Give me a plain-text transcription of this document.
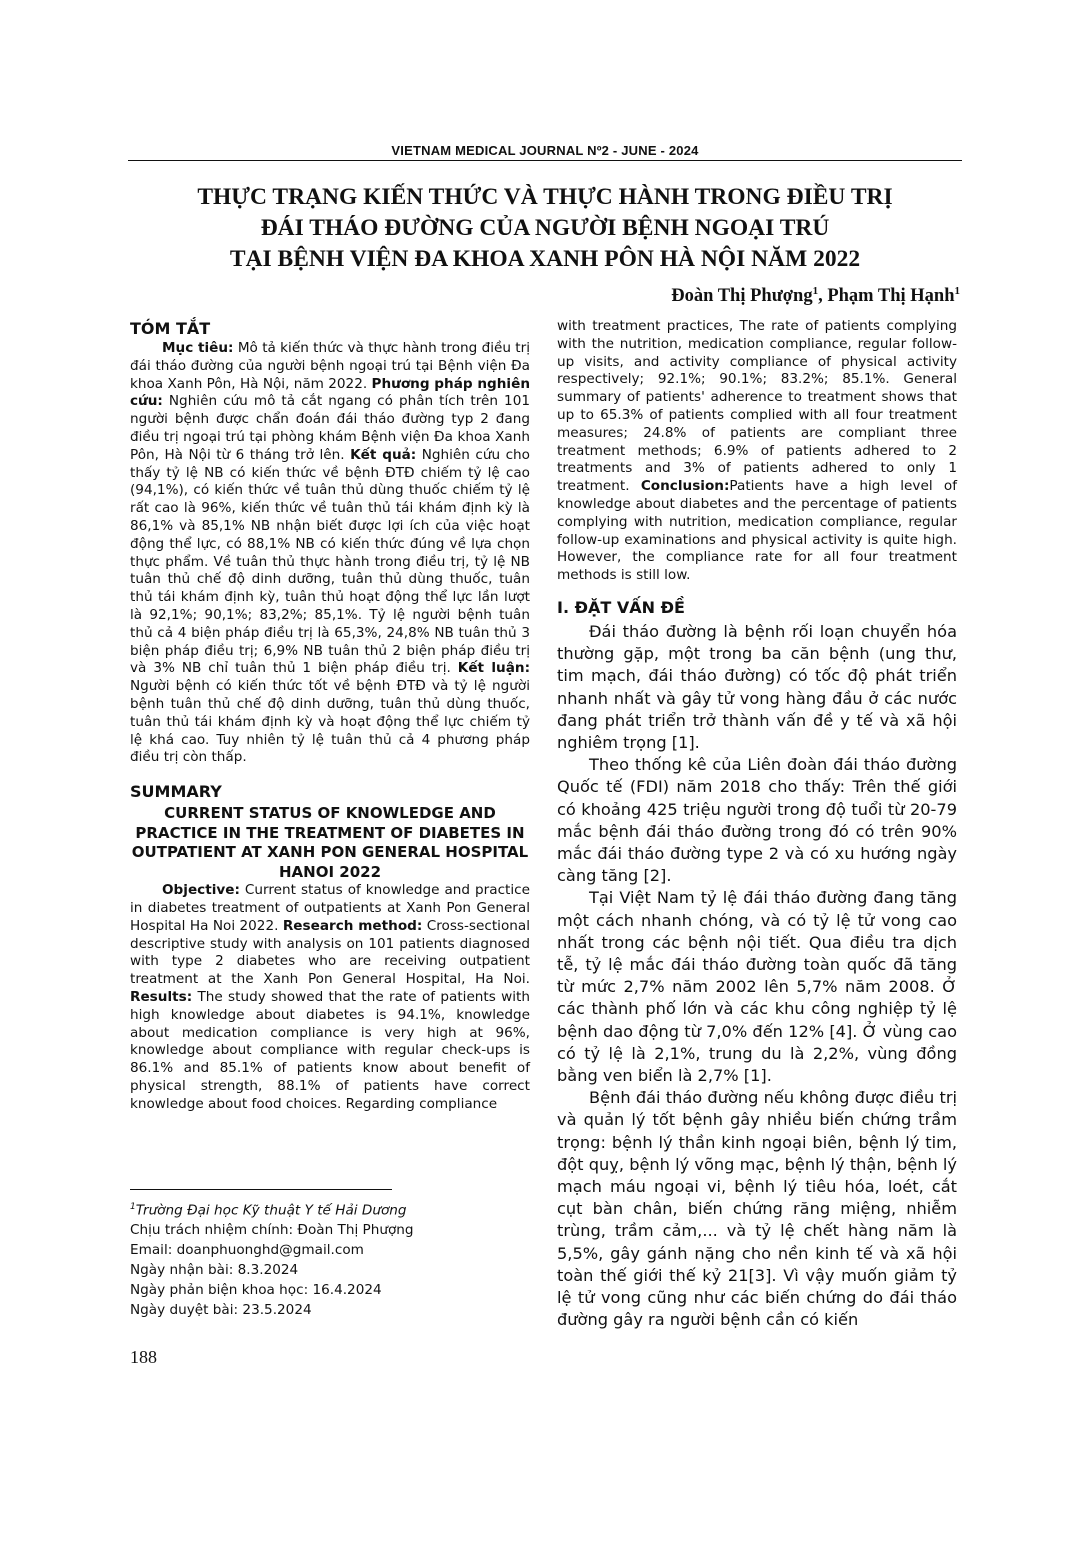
VIETNAM MEDICAL JOURNAL Nº2 - JUNE - 2024
THỰC TRẠNG KIẾN THỨC VÀ THỰC HÀNH TRONG ĐIỀU TRỊ
ĐÁI THÁO ĐƯỜNG CỦA NGƯỜI BỆNH NGOẠI TRÚ
TẠI BỆNH VIỆN ĐA KHOA XANH PÔN HÀ NỘI NĂM 2022
Đoàn Thị Phượng$^1$, Phạm Thị Hạnh$^1$
TÓM TẮT

Mục tiêu: Mô tả kiến thức và thực hành trong điều trị đái tháo đường của người bệnh ngoại trú tại Bệnh viện Đa khoa Xanh Pôn, Hà Nội, năm 2022. Phương pháp nghiên cứu: Nghiên cứu mô tả cắt ngang có phân tích trên 101 người bệnh được chẩn đoán đái tháo đường typ 2 đang điều trị ngoại trú tại phòng khám Bệnh viện Đa khoa Xanh Pôn, Hà Nội từ 6 tháng trở lên. Kết quả: Nghiên cứu cho thấy tỷ lệ NB có kiến thức về bệnh ĐTĐ chiếm tỷ lệ cao (94,1%), có kiến thức về tuân thủ dùng thuốc chiếm tỷ lệ rất cao là 96%, kiến thức về tuân thủ tái khám định kỳ là 86,1% và 85,1% NB nhận biết được lợi ích của việc hoạt động thể lực, có 88,1% NB có kiến thức đúng về lựa chọn thực phẩm. Về tuân thủ thực hành trong điều trị, tỷ lệ NB tuân thủ chế độ dinh dưỡng, tuân thủ dùng thuốc, tuân thủ tái khám định kỳ, tuân thủ hoạt động thể lực lần lượt là 92,1%; 90,1%; 83,2%; 85,1%. Tỷ lệ người bệnh tuân thủ cả 4 biện pháp điều trị là 65,3%, 24,8% NB tuân thủ 3 biện pháp điều trị; 6,9% NB tuân thủ 2 biện pháp điều trị và 3% NB chỉ tuân thủ 1 biện pháp điều trị. Kết luận: Người bệnh có kiến thức tốt về bệnh ĐTĐ và tỷ lệ người bệnh tuân thủ chế độ dinh dưỡng, tuân thủ dùng thuốc, tuân thủ tái khám định kỳ và hoạt động thể lực chiếm tỷ lệ khá cao. Tuy nhiên tỷ lệ tuân thủ cả 4 phương pháp điều trị còn thấp.

SUMMARY
CURRENT STATUS OF KNOWLEDGE AND PRACTICE IN THE TREATMENT OF DIABETES IN OUTPATIENT AT XANH PON GENERAL HOSPITAL HANOI 2022

Objective: Current status of knowledge and practice in diabetes treatment of outpatients at Xanh Pon General Hospital Ha Noi 2022. Research method: Cross-sectional descriptive study with analysis on 101 patients diagnosed with type 2 diabetes who are receiving outpatient treatment at the Xanh Pon General Hospital, Ha Noi. Results: The study showed that the rate of patients with high knowledge about diabetes is 94.1%, knowledge about medication compliance is very high at 96%, knowledge about compliance with regular check-ups is 86.1% and 85.1% of patients know about benefit of physical strength, 88.1% of patients have correct knowledge about food choices. Regarding compliance

$^1$Trường Đại học Kỹ thuật Y tế Hải Dương
Chịu trách nhiệm chính: Đoàn Thị Phượng
Email: doanphuonghd@gmail.com
Ngày nhận bài: 8.3.2024
Ngày phản biện khoa học: 16.4.2024
Ngày duyệt bài: 23.5.2024
188

with treatment practices, The rate of patients complying with the nutrition, medication compliance, regular follow-up visits, and activity compliance of physical activity respectively; 92.1%; 90.1%; 83.2%; 85.1%. General summary of patients' adherence to treatment shows that up to 65.3% of patients complied with all four treatment measures; 24.8% of patients are compliant three treatment methods; 6.9% of patients adhered to 2 treatments and 3% of patients adhered to only 1 treatment. Conclusion:Patients have a high level of knowledge about diabetes and the percentage of patients complying with nutrition, medication compliance, regular follow-up examinations and physical activity is quite high. However, the compliance rate for all four treatment methods is still low.

I. ĐẶT VẤN ĐỀ

Đái tháo đường là bệnh rối loạn chuyển hóa thường gặp, một trong ba căn bệnh (ung thư, tim mạch, đái tháo đường) có tốc độ phát triển nhanh nhất và gây tử vong hàng đầu ở các nước đang phát triển trở thành vấn đề y tế và xã hội nghiêm trọng [1].

Theo thống kê của Liên đoàn đái tháo đường Quốc tế (FDI) năm 2018 cho thấy: Trên thế giới có khoảng 425 triệu người trong độ tuổi từ 20-79 mắc bệnh đái tháo đường trong đó có trên 90% mắc đái tháo đường type 2 và có xu hướng ngày càng tăng [2].

Tại Việt Nam tỷ lệ đái tháo đường đang tăng một cách nhanh chóng, và có tỷ lệ tử vong cao nhất trong các bệnh nội tiết. Qua điều tra dịch tễ, tỷ lệ mắc đái tháo đường toàn quốc đã tăng từ mức 2,7% năm 2002 lên 5,7% năm 2008. Ở các thành phố lớn và các khu công nghiệp tỷ lệ bệnh dao động từ 7,0% đến 12% [4]. Ở vùng cao có tỷ lệ là 2,1%, trung du là 2,2%, vùng đồng bằng ven biển là 2,7% [1].

Bệnh đái tháo đường nếu không được điều trị và quản lý tốt bệnh gây nhiều biến chứng trầm trọng: bệnh lý thần kinh ngoại biên, bệnh lý tim, đột quỵ, bệnh lý võng mạc, bệnh lý thận, bệnh lý mạch máu ngoại vi, bệnh lý tiêu hóa, loét, cắt cụt bàn chân, biến chứng răng miệng, nhiễm trùng, trầm cảm,... và tỷ lệ chết hàng năm là 5,5%, gây gánh nặng cho nền kinh tế và xã hội toàn thế giới thế kỷ 21[3]. Vì vậy muốn giảm tỷ lệ tử vong cũng như các biến chứng do đái tháo đường gây ra người bệnh cần có kiến
